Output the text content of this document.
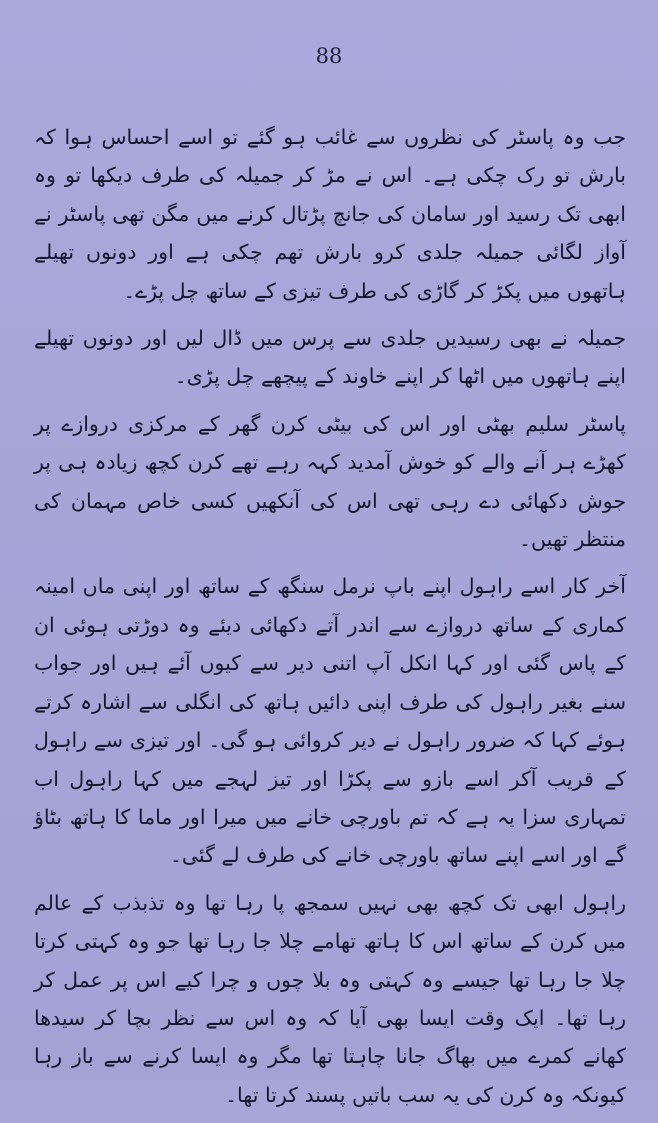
88

جب وہ پاسٹر کی نظروں سے غائب ہو گئے تو اسے احساس ہوا کہ بارش تو رک چکی ہے۔ اس نے مڑ کر جمیلہ کی طرف دیکھا تو وہ ابھی تک رسید اور سامان کی جانچ پڑتال کرنے میں مگن تھی پاسٹر نے آواز لگائی جمیلہ جلدی کرو بارش تھم چکی ہے اور دونوں تھیلے ہاتھوں میں پکڑ کر گاڑی کی طرف تیزی کے ساتھ چل پڑے۔

جمیلہ نے بھی رسیدیں جلدی سے پرس میں ڈال لیں اور دونوں تھیلے اپنے ہاتھوں میں اٹھا کر اپنے خاوند کے پیچھے چل پڑی۔

پاسٹر سلیم بھٹی اور اس کی بیٹی کرن گھر کے مرکزی دروازے پر کھڑے ہر آنے والے کو خوش آمدید کہہ رہے تھے کرن کچھ زیادہ ہی پر جوش دکھائی دے رہی تھی اس کی آنکھیں کسی خاص مہمان کی منتظر تھیں۔

آخر کار اسے راہول اپنے باپ نرمل سنگھ کے ساتھ اور اپنی ماں امینہ کماری کے ساتھ دروازے سے اندر آتے دکھائی دیئے وہ دوڑتی ہوئی ان کے پاس گئی اور کہا انکل آپ اتنی دیر سے کیوں آئے ہیں اور جواب سنے بغیر راہول کی طرف اپنی دائیں ہاتھ کی انگلی سے اشارہ کرتے ہوئے کہا کہ ضرور راہول نے دیر کروائی ہو گی۔ اور تیزی سے راہول کے قریب آکر اسے بازو سے پکڑا اور تیز لہجے میں کہا راہول اب تمہاری سزا یہ ہے کہ تم باورچی خانے میں میرا اور ماما کا ہاتھ بٹاؤ گے اور اسے اپنے ساتھ باورچی خانے کی طرف لے گئی۔

راہول ابھی تک کچھ بھی نہیں سمجھ پا رہا تھا وہ تذبذب کے عالم میں کرن کے ساتھ اس کا ہاتھ تھامے چلا جا رہا تھا جو وہ کہتی کرتا چلا جا رہا تھا جیسے وہ کہتی وہ بلا چوں و چرا کیے اس پر عمل کر رہا تھا۔ ایک وقت ایسا بھی آیا کہ وہ اس سے نظر بچا کر سیدھا کھانے کمرے میں بھاگ جانا چاہتا تھا مگر وہ ایسا کرنے سے باز رہا کیونکہ وہ کرن کی یہ سب باتیں پسند کرتا تھا۔
